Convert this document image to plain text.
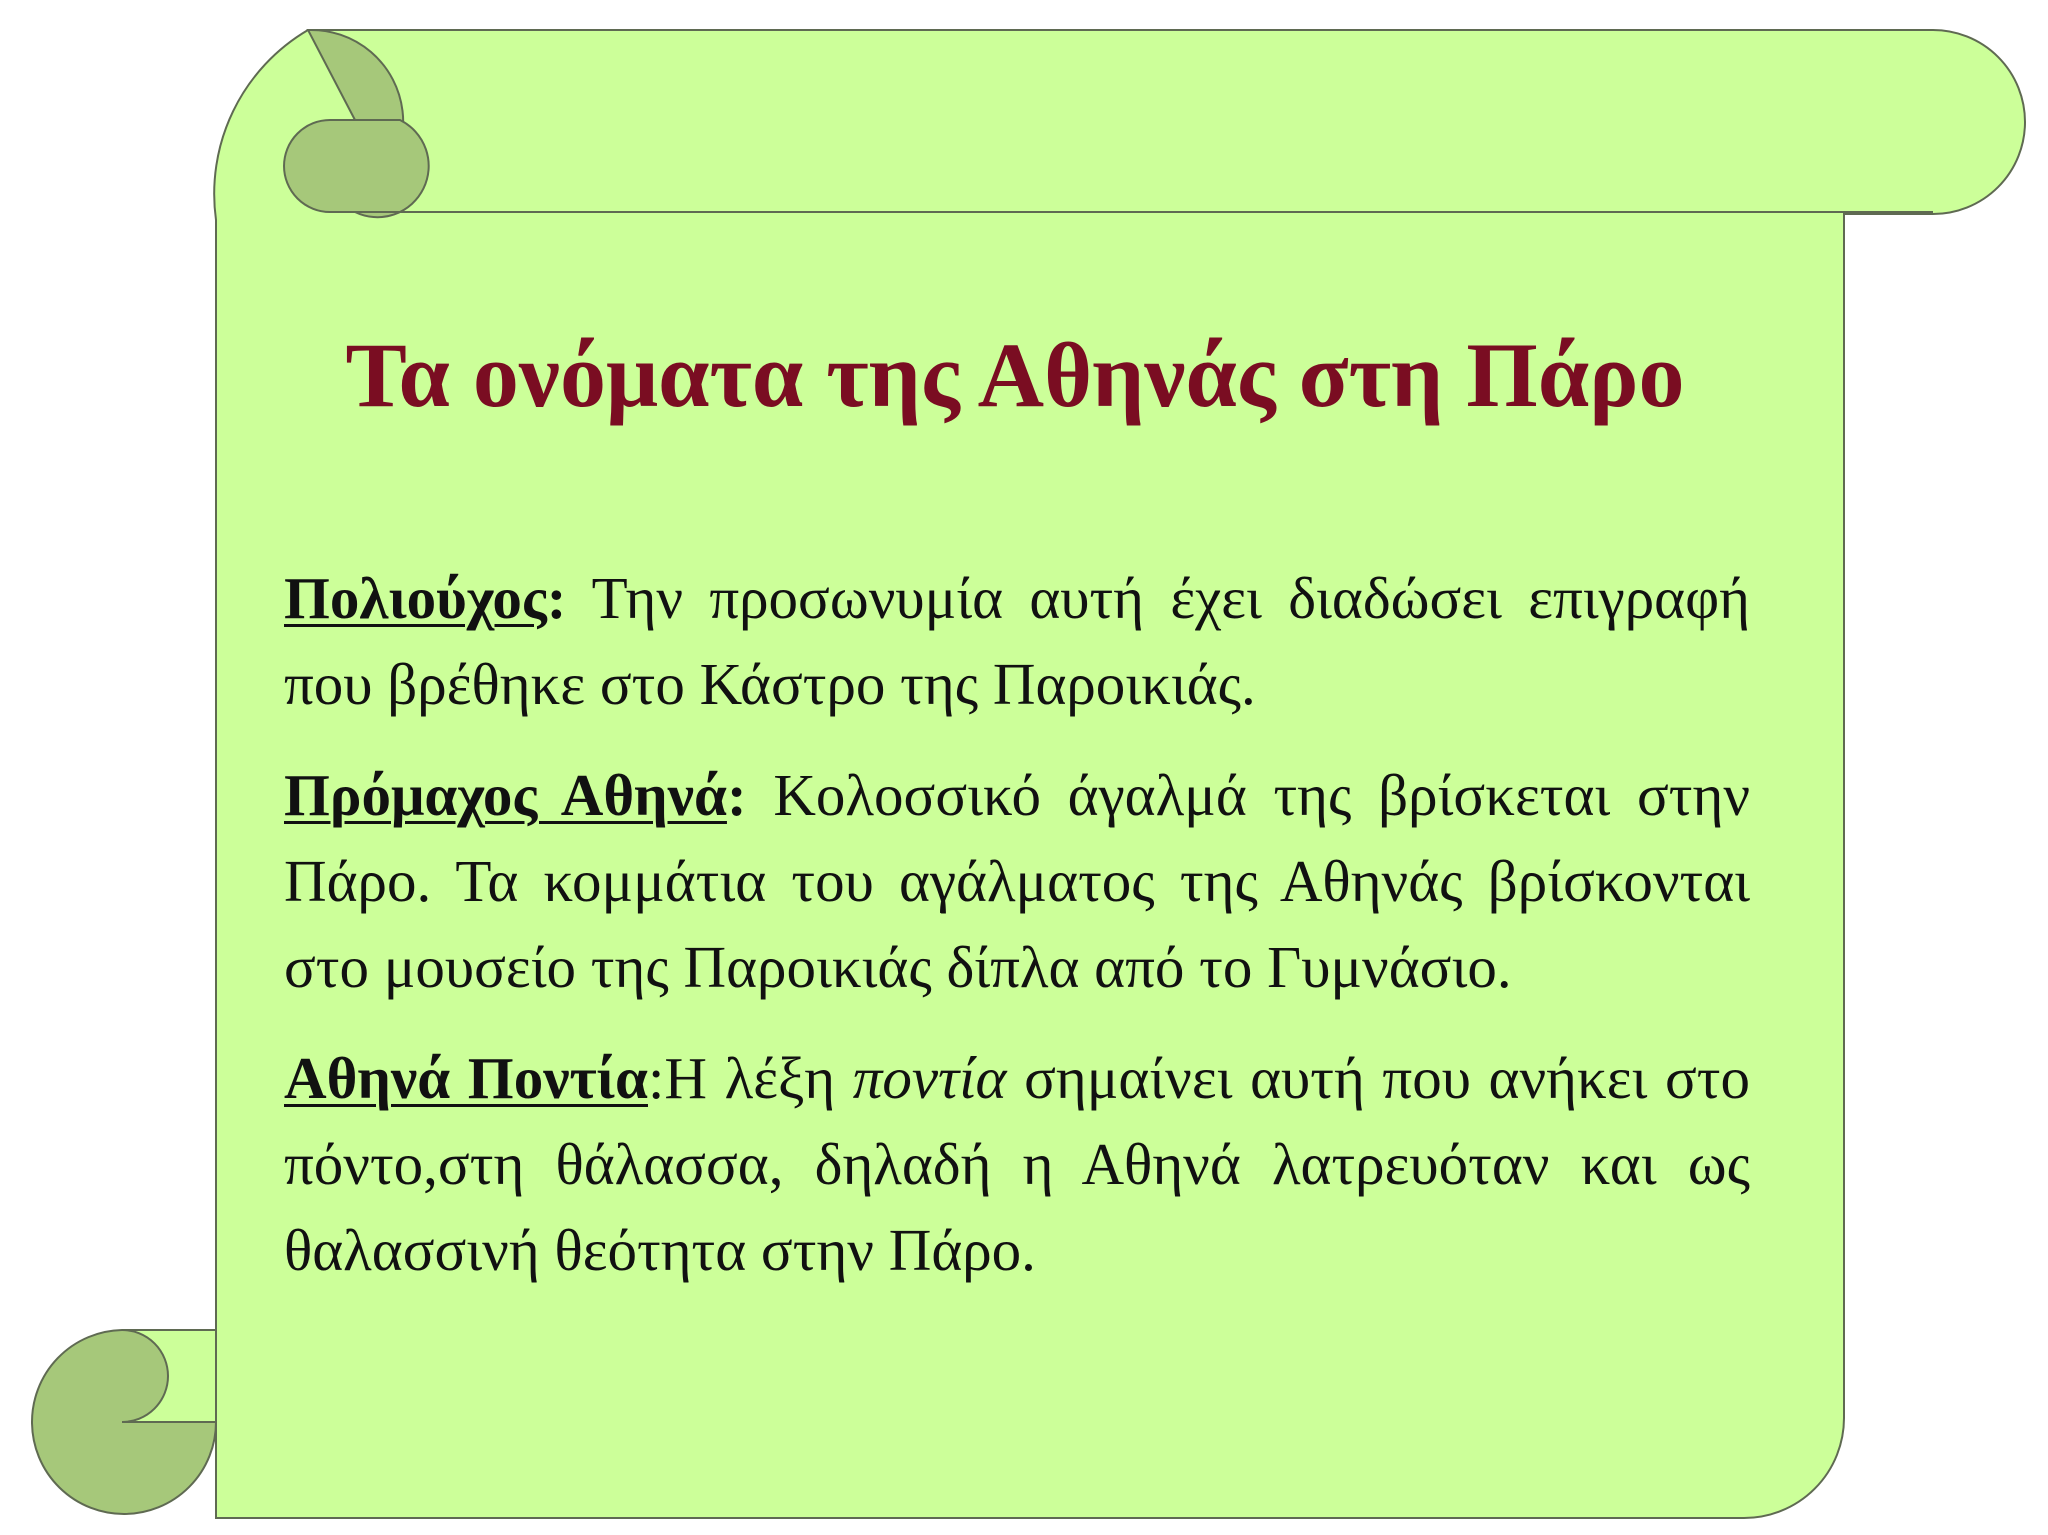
Τα ονόματα της Αθηνάς στη Πάρο

Πολιούχος: Την προσωνυμία αυτή έχει διαδώσει επιγραφή που βρέθηκε στο Κάστρο της Παροικιάς.

Πρόμαχος Αθηνά: Κολοσσικό άγαλμά της βρίσκεται στην Πάρο. Τα κομμάτια του αγάλματος της Αθηνάς βρίσκονται στο μουσείο της Παροικιάς δίπλα από το Γυμνάσιο.

Αθηνά Ποντία:Η λέξη ποντία σημαίνει αυτή που ανήκει στο πόντο,στη θάλασσα, δηλαδή η Αθηνά λατρευόταν και ως θαλασσινή θεότητα στην Πάρο.
